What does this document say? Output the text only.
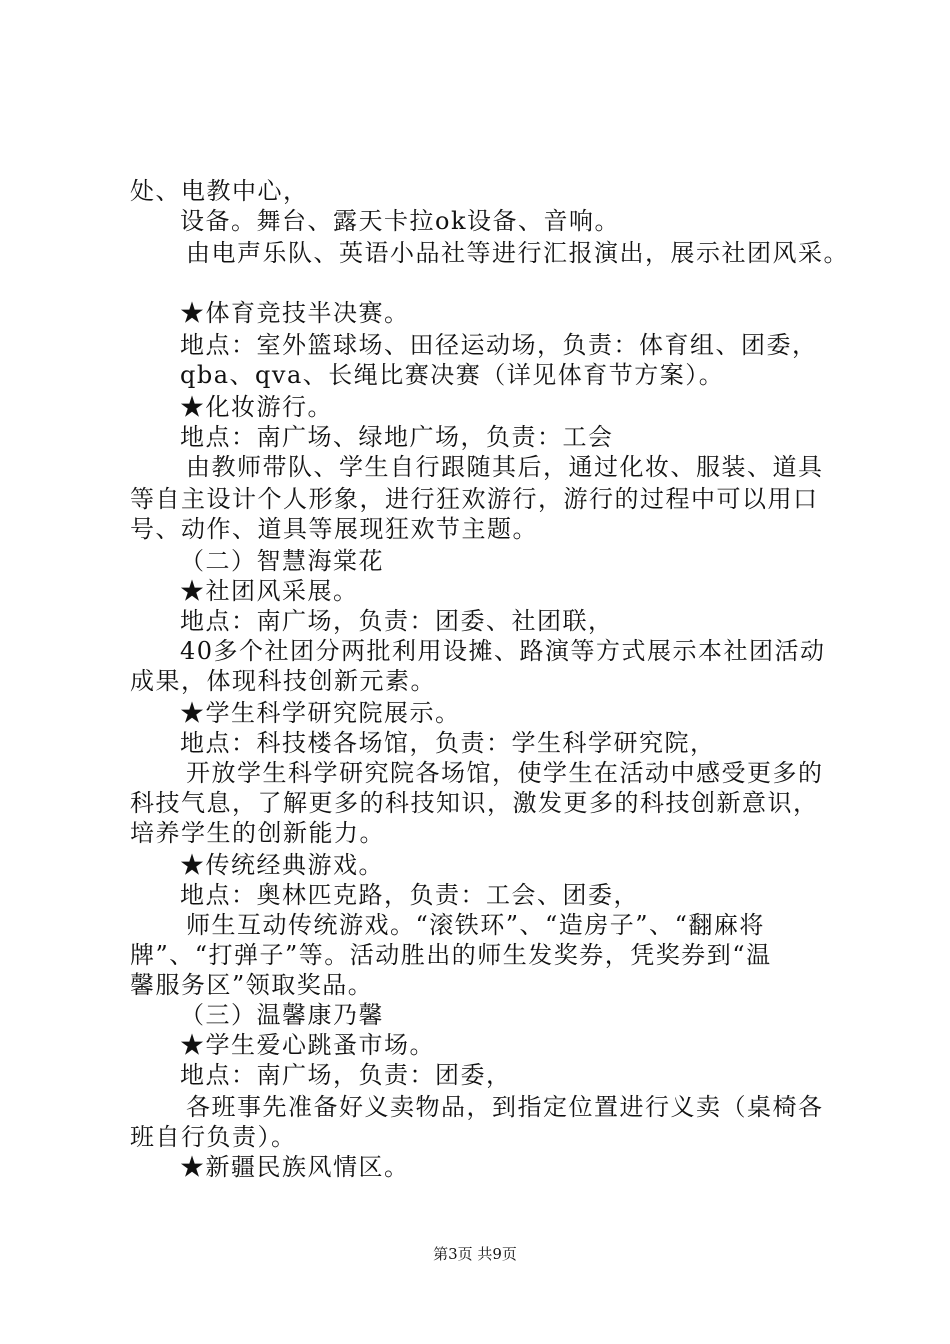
处、电教中心，
设备。舞台、露天卡拉ok设备、音响。
由电声乐队、英语小品社等进行汇报演出，展示社团风采。
★体育竞技半决赛。
地点：室外篮球场、田径运动场，负责：体育组、团委，
qba、qva、长绳比赛决赛（详见体育节方案）。
★化妆游行。
地点：南广场、绿地广场，负责：工会
由教师带队、学生自行跟随其后，通过化妆、服装、道具
等自主设计个人形象，进行狂欢游行，游行的过程中可以用口
号、动作、道具等展现狂欢节主题。
（二）智慧海棠花
★社团风采展。
地点：南广场，负责：团委、社团联，
40多个社团分两批利用设摊、路演等方式展示本社团活动
成果，体现科技创新元素。
★学生科学研究院展示。
地点：科技楼各场馆，负责：学生科学研究院，
开放学生科学研究院各场馆，使学生在活动中感受更多的
科技气息，了解更多的科技知识，激发更多的科技创新意识，
培养学生的创新能力。
★传统经典游戏。
地点：奥林匹克路，负责：工会、团委，
师生互动传统游戏。“滚铁环”、“造房子”、“翻麻将
牌”、“打弹子”等。活动胜出的师生发奖券，凭奖券到“温
馨服务区”领取奖品。
（三）温馨康乃馨
★学生爱心跳蚤市场。
地点：南广场，负责：团委，
各班事先准备好义卖物品，到指定位置进行义卖（桌椅各
班自行负责）。
★新疆民族风情区。
第3页 共9页
